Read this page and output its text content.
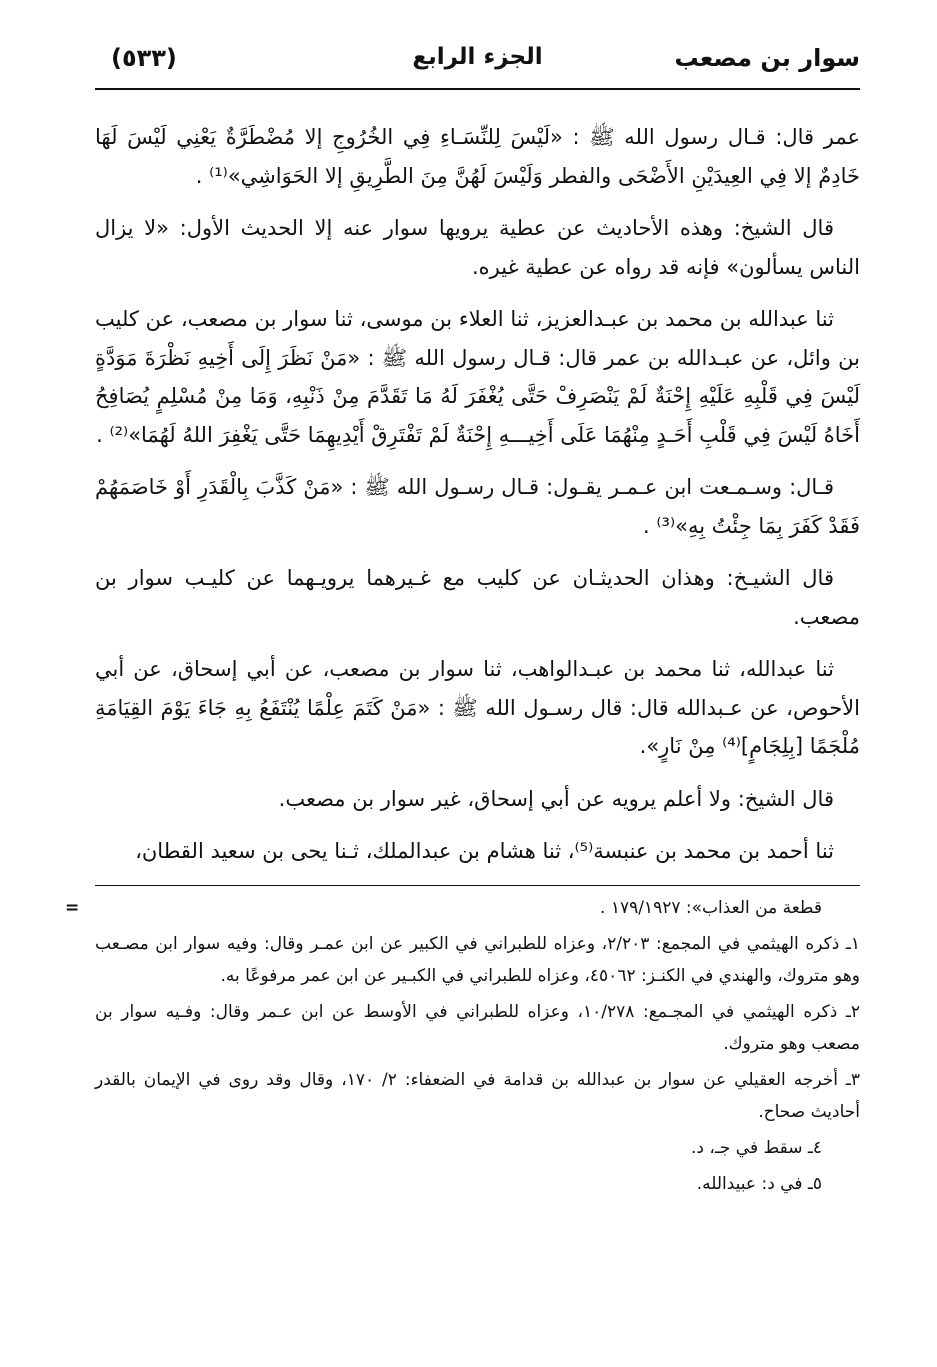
سوار بن مصعب
الجزء الرابع
(٥٣٣)

عمر قال: قـال رسول الله ﷺ : «لَيْسَ لِلنِّسَـاءِ فِي الخُرُوجِ إلا مُضْطَرَّةٌ يَعْنِي لَيْسَ لَهَا خَادِمٌ إلا فِي العِيدَيْنِ الأَضْحَى والفطر وَلَيْسَ لَهُنَّ مِنَ الطَّرِيقِ إلا الحَوَاشِي»⁽¹⁾ .

قال الشيخ: وهذه الأحاديث عن عطية يرويها سوار عنه إلا الحديث الأول: «لا يزال الناس يسألون» فإنه قد رواه عن عطية غيره.

ثنا عبدالله بن محمد بن عبـدالعزيز، ثنا العلاء بن موسى، ثنا سوار بن مصعب، عن كليب بن وائل، عن عبـدالله بن عمر قال: قـال رسول الله ﷺ : «مَنْ نَظَرَ إِلَى أَخِيهِ نَظْرَةَ مَوَدَّةٍ لَيْسَ فِي قَلْبِهِ عَلَيْهِ إِحْنَةٌ لَمْ يَنْصَرِفْ حَتَّى يُغْفَرَ لَهُ مَا تَقَدَّمَ مِنْ ذَنْبِهِ، وَمَا مِنْ مُسْلِمٍ يُصَافِحُ أَخَاهُ لَيْسَ فِي قَلْبِ أَحَـدٍ مِنْهُمَا عَلَى أَخِيـــهِ إِحْنَةٌ لَمْ تَفْتَرِقْ أَيْدِيهِمَا حَتَّى يَغْفِرَ اللهُ لَهُمَا»⁽²⁾ .

قـال: وسـمـعت ابن عـمـر يقـول: قـال رسـول الله ﷺ : «مَنْ كَذَّبَ بِالْقَدَرِ أَوْ خَاصَمَهُمْ فَقَدْ كَفَرَ بِمَا جِئْتُ بِهِ»⁽³⁾ .

قال الشيـخ: وهذان الحديثـان عن كليب مع غـيرهما يرويـهما عن كليـب سوار بن مصعب.

ثنا عبدالله، ثنا محمد بن عبـدالواهب، ثنا سوار بن مصعب، عن أبي إسحاق، عن أبي الأحوص، عن عـبدالله قال: قال رسـول الله ﷺ : «مَنْ كَتَمَ عِلْمًا يُنْتَفَعُ بِهِ جَاءَ يَوْمَ القِيَامَةِ مُلْجَمًا [بِلِجَامٍ]⁽⁴⁾ مِنْ نَارٍ».

قال الشيخ: ولا أعلم يرويه عن أبي إسحاق، غير سوار بن مصعب.

ثنا أحمد بن محمد بن عنبسة⁽⁵⁾، ثنا هشام بن عبدالملك، ثـنا يحى بن سعيد القطان،

=	قطعة من العذاب»: ١٧٩/١٩٢٧ .
١ـ ذكره الهيثمي في المجمع: ٢/٢٠٣، وعزاه للطبراني في الكبير عن ابن عمـر وقال: وفيه سوار ابن مصـعب وهو متروك، والهندي في الكنـز: ٤٥٠٦٢، وعزاه للطبراني في الكبـير عن ابن عمر مرفوعًا به.
٢ـ ذكره الهيثمي في المجـمع: ١٠/٢٧٨، وعزاه للطبراني في الأوسط عن ابن عـمر وقال: وفـيه سوار بن مصعب وهو متروك.
٣ـ أخرجه العقيلي عن سوار بن عبدالله بن قدامة في الضعفاء: ٢/ ١٧٠، وقال وقد روى في الإيمان بالقدر أحاديث صحاح.
٤ـ سقط في جـ، د.
٥ـ في د: عبيدالله.
